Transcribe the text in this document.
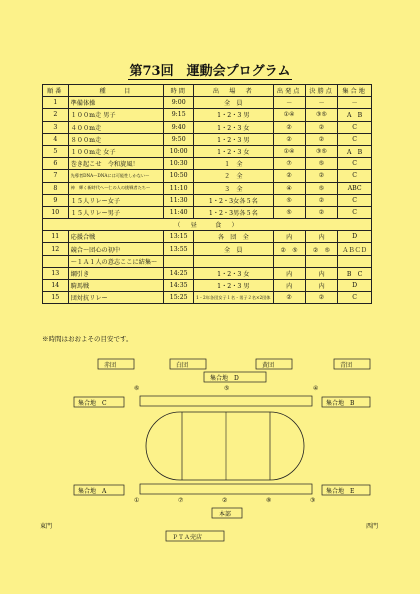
第73回　運動会プログラム
順番	種　　目	時間	出　場　者	出発点	決勝点	集合地
1	準備体操	9:00	全　員	－	－	－
2	１００m走 男子	9:15	1・2・3 男	①④	③⑤	A　B
3	４００m走	9:40	1・2・3 女	②	②	C
4	８００m走	9:50	1・2・3 男	②	②	C
5	１００m走 女子	10:00	1・2・3 女	①④	③⑤	A　B
6	巻き起こせ　令和旋風！	10:30	１　全	⑦	⑤	C
7	先導者DNA～DNAには可能性しかない～	10:50	２　全	②	②	C
8	神　輝く新時代へ～仁の人の挑戦者たち～	11:10	３　全	④	⑤	ABC
9	１５人リレー女子	11:30	1・2・3女各５名	⑤	②	C
10	１５人リレー男子	11:40	1・2・3男各５名	⑤	②	C
（　昼　　食　）						
11	応援合戦	13:15	各　団　全	内	内	D
12	競合～団心の初中	13:55	全　員	②　⑤	②　⑤	ＡＢＣＤ
	～１Ａ１人の意志ここに結集～					
13	綱引き	14:25	1・2・3 女	内	内	B　C
14	騎馬戦	14:35	1・2・3 男	内	内	D
15	団対抗リレー	15:25	1・2年各団女子１名・男子２名×2団体	②	②	C
※時間はおおよその目安です。
赤団	白団	黄団	青団
集合地　D
⑥	⑤	④
集合地　C	集合地　B
集合地　A	集合地　E
①	⑦	②	⑧	③
本部
東門	西門
ＰＴＡ売店
